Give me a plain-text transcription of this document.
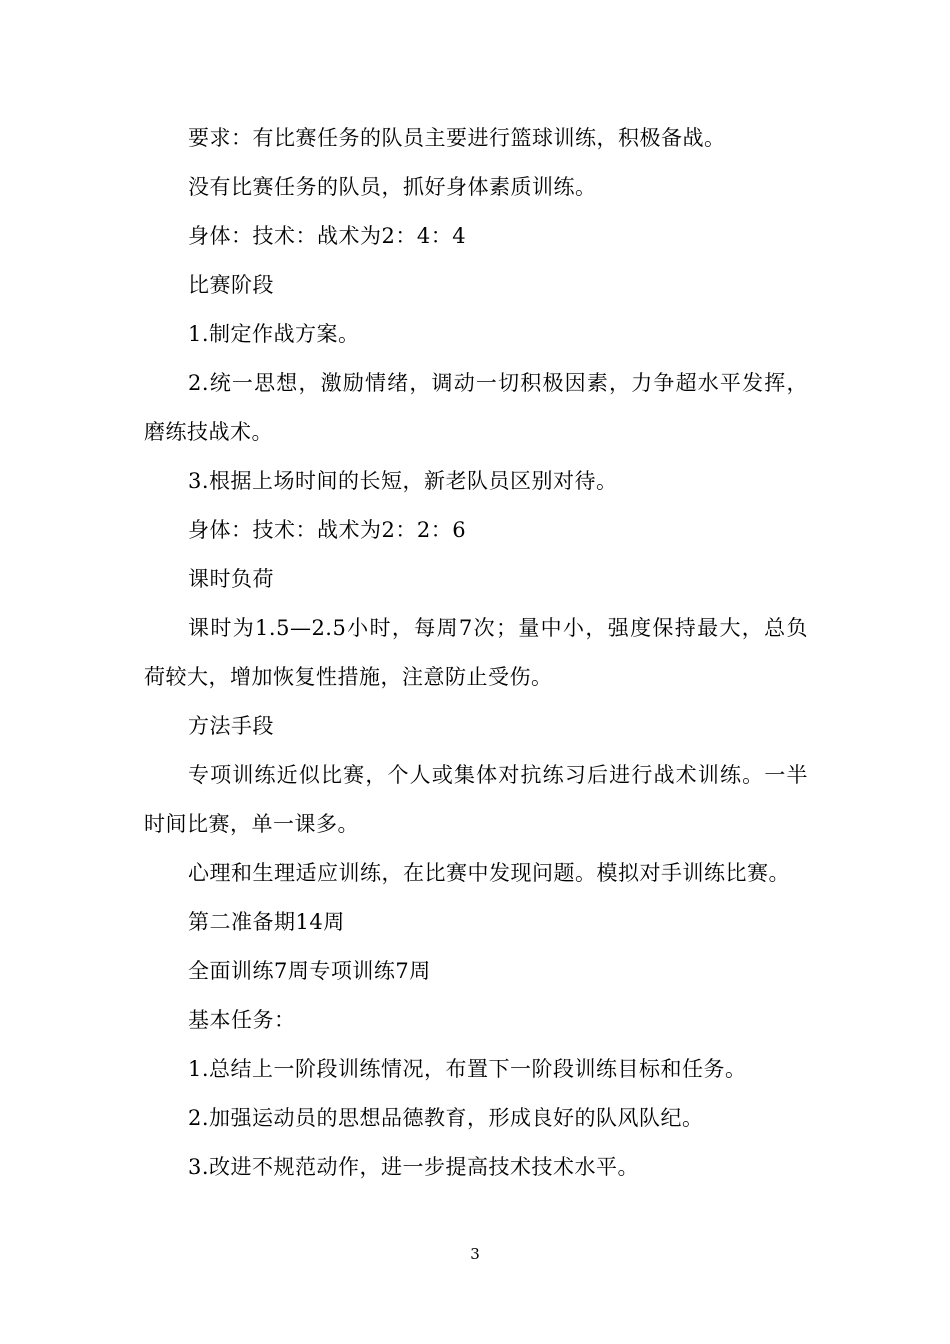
要求：有比赛任务的队员主要进行篮球训练，积极备战。

没有比赛任务的队员，抓好身体素质训练。

身体：技术：战术为2：4：4

比赛阶段

1.制定作战方案。

2.统一思想，激励情绪，调动一切积极因素，力争超水平发挥，磨练技战术。

3.根据上场时间的长短，新老队员区别对待。

身体：技术：战术为2：2：6

课时负荷

课时为1.5—2.5小时，每周7次；量中小，强度保持最大，总负荷较大，增加恢复性措施，注意防止受伤。

方法手段

专项训练近似比赛，个人或集体对抗练习后进行战术训练。一半时间比赛，单一课多。

心理和生理适应训练，在比赛中发现问题。模拟对手训练比赛。

第二准备期14周

全面训练7周专项训练7周

基本任务：

1.总结上一阶段训练情况，布置下一阶段训练目标和任务。

2.加强运动员的思想品德教育，形成良好的队风队纪。

3.改进不规范动作，进一步提高技术技术水平。

3
